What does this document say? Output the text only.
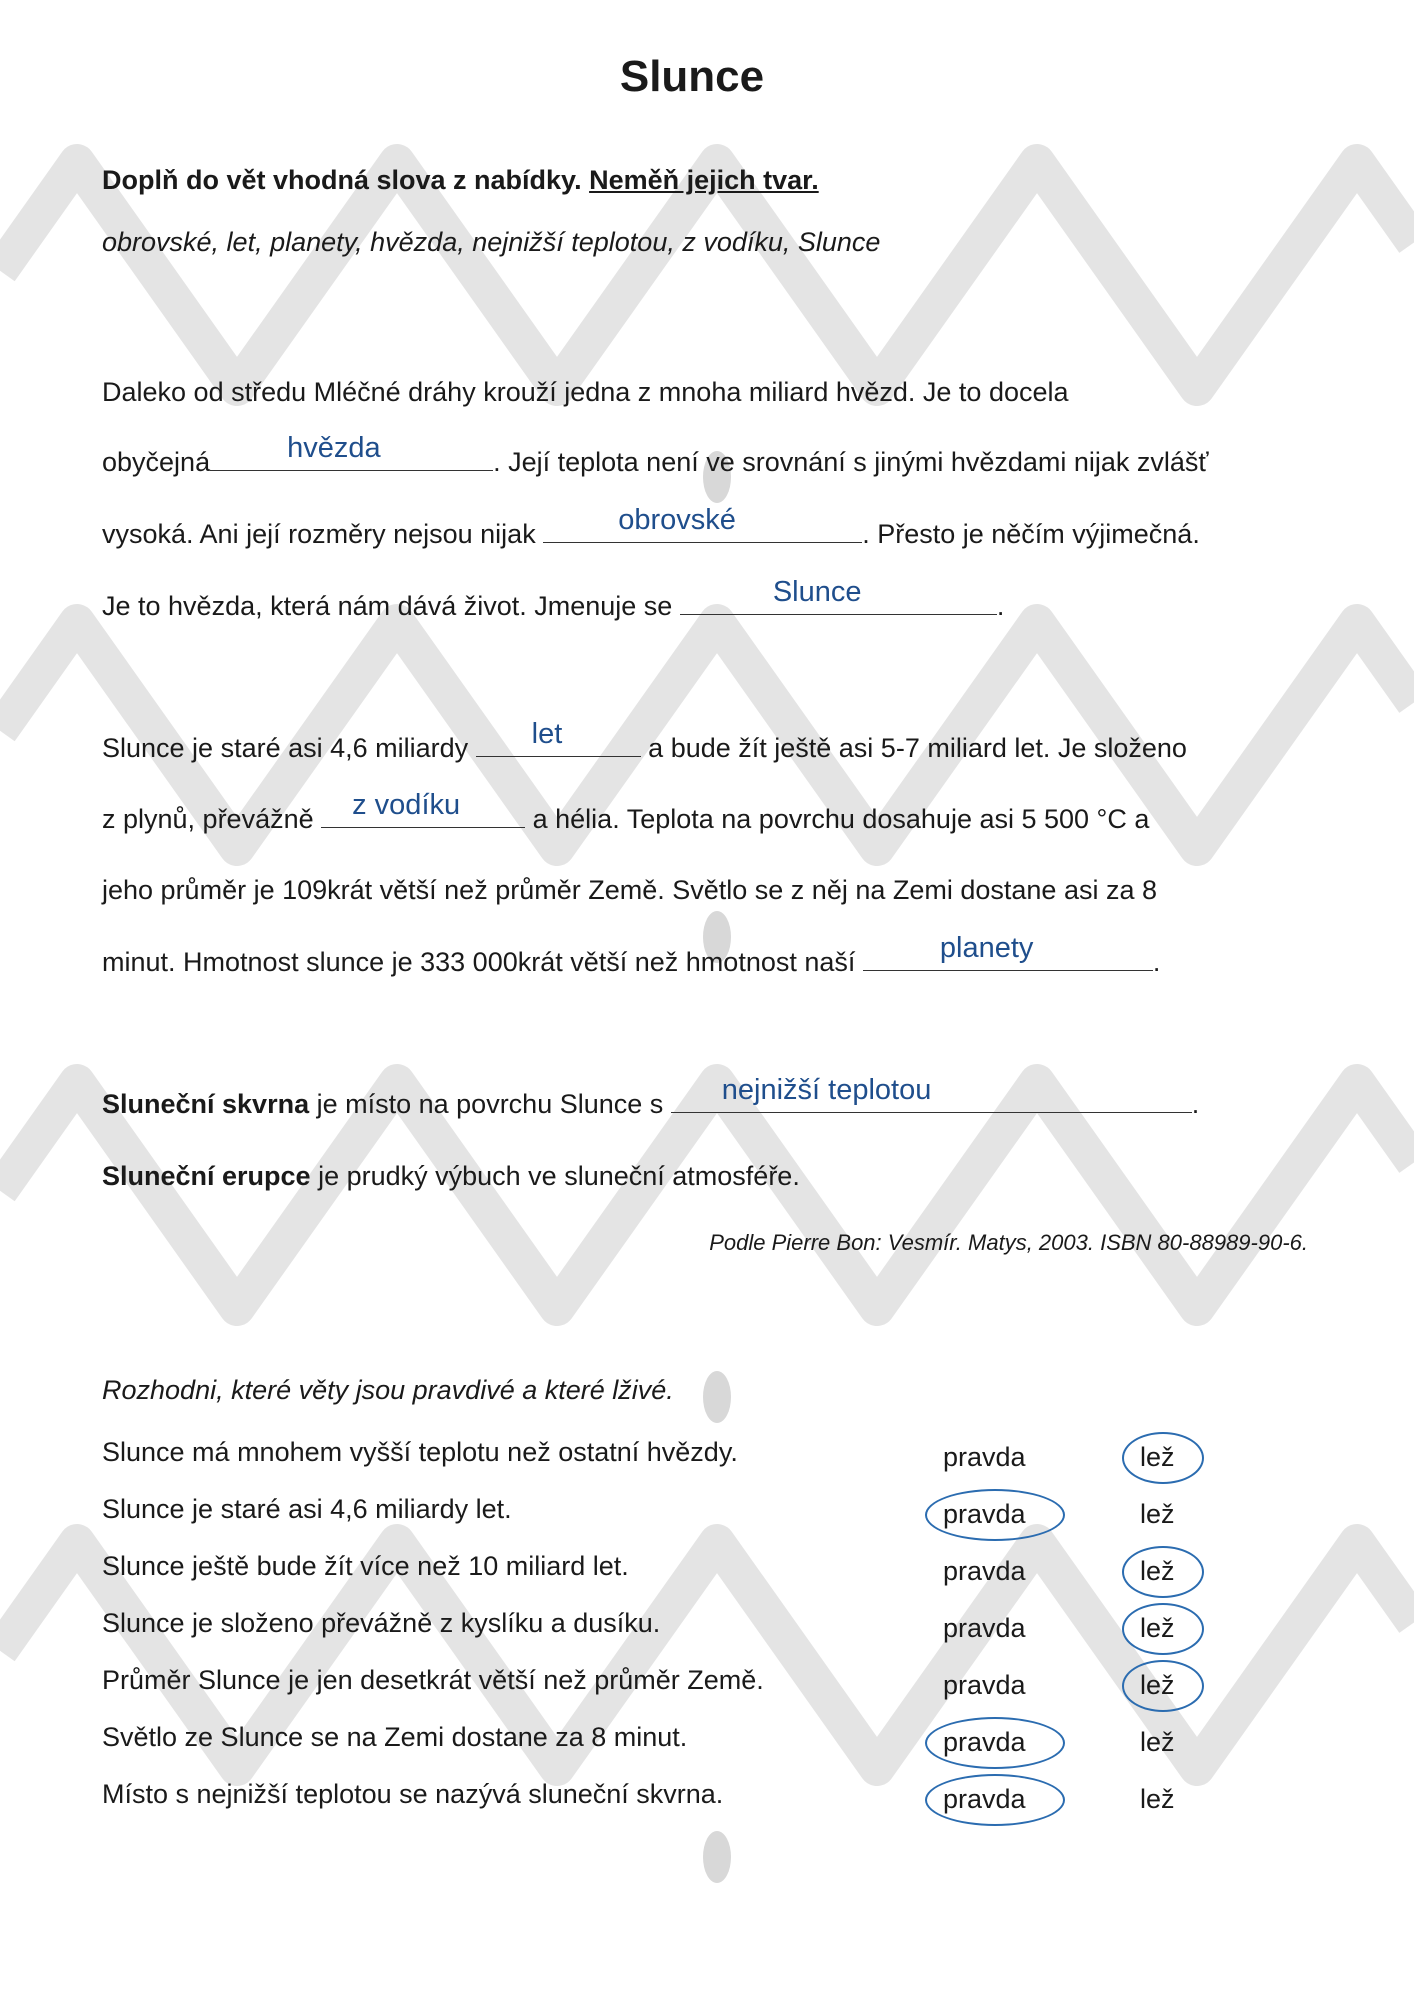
Slunce
Doplň do vět vhodná slova z nabídky. Neměň jejich tvar.
obrovské, let, planety, hvězda, nejnižší teplotou, z vodíku, Slunce
Daleko od středu Mléčné dráhy krouží jedna z mnoha miliard hvězd. Je to docela
obyčejná	hvězda	. Její teplota není ve srovnání s jinými hvězdami nijak zvlášť
vysoká. Ani její rozměry nejsou nijak	obrovské	. Přesto je něčím výjimečná.
Je to hvězda, která nám dává život. Jmenuje se	Slunce	.
Slunce je staré asi 4,6 miliardy let	a bude žít ještě asi 5-7 miliard let. Je složeno
z plynů, převážně z vodíku a hélia. Teplota na povrchu dosahuje asi 5 500 °C a
jeho průměr je 109krát větší než průměr Země. Světlo se z něj na Zemi dostane asi za 8
minut. Hmotnost slunce je 333 000krát větší než hmotnost naší	planety	.
Sluneční skvrna je místo na povrchu Slunce s nejnižší teplotou	.
Sluneční erupce je prudký výbuch ve sluneční atmosféře.
Podle Pierre Bon: Vesmír. Matys, 2003. ISBN 80-88989-90-6.
Rozhodni, které věty jsou pravdivé a které lživé.
Slunce má mnohem vyšší teplotu než ostatní hvězdy.	pravda	lež
Slunce je staré asi 4,6 miliardy let.	pravda	lež
Slunce ještě bude žít více než 10 miliard let.	pravda	lež
Slunce je složeno převážně z kyslíku a dusíku.	pravda	lež
Průměr Slunce je jen desetkrát větší než průměr Země.	pravda	lež
Světlo ze Slunce se na Zemi dostane za 8 minut.	pravda	lež
Místo s nejnižší teplotou se nazývá sluneční skvrna.	pravda	lež
